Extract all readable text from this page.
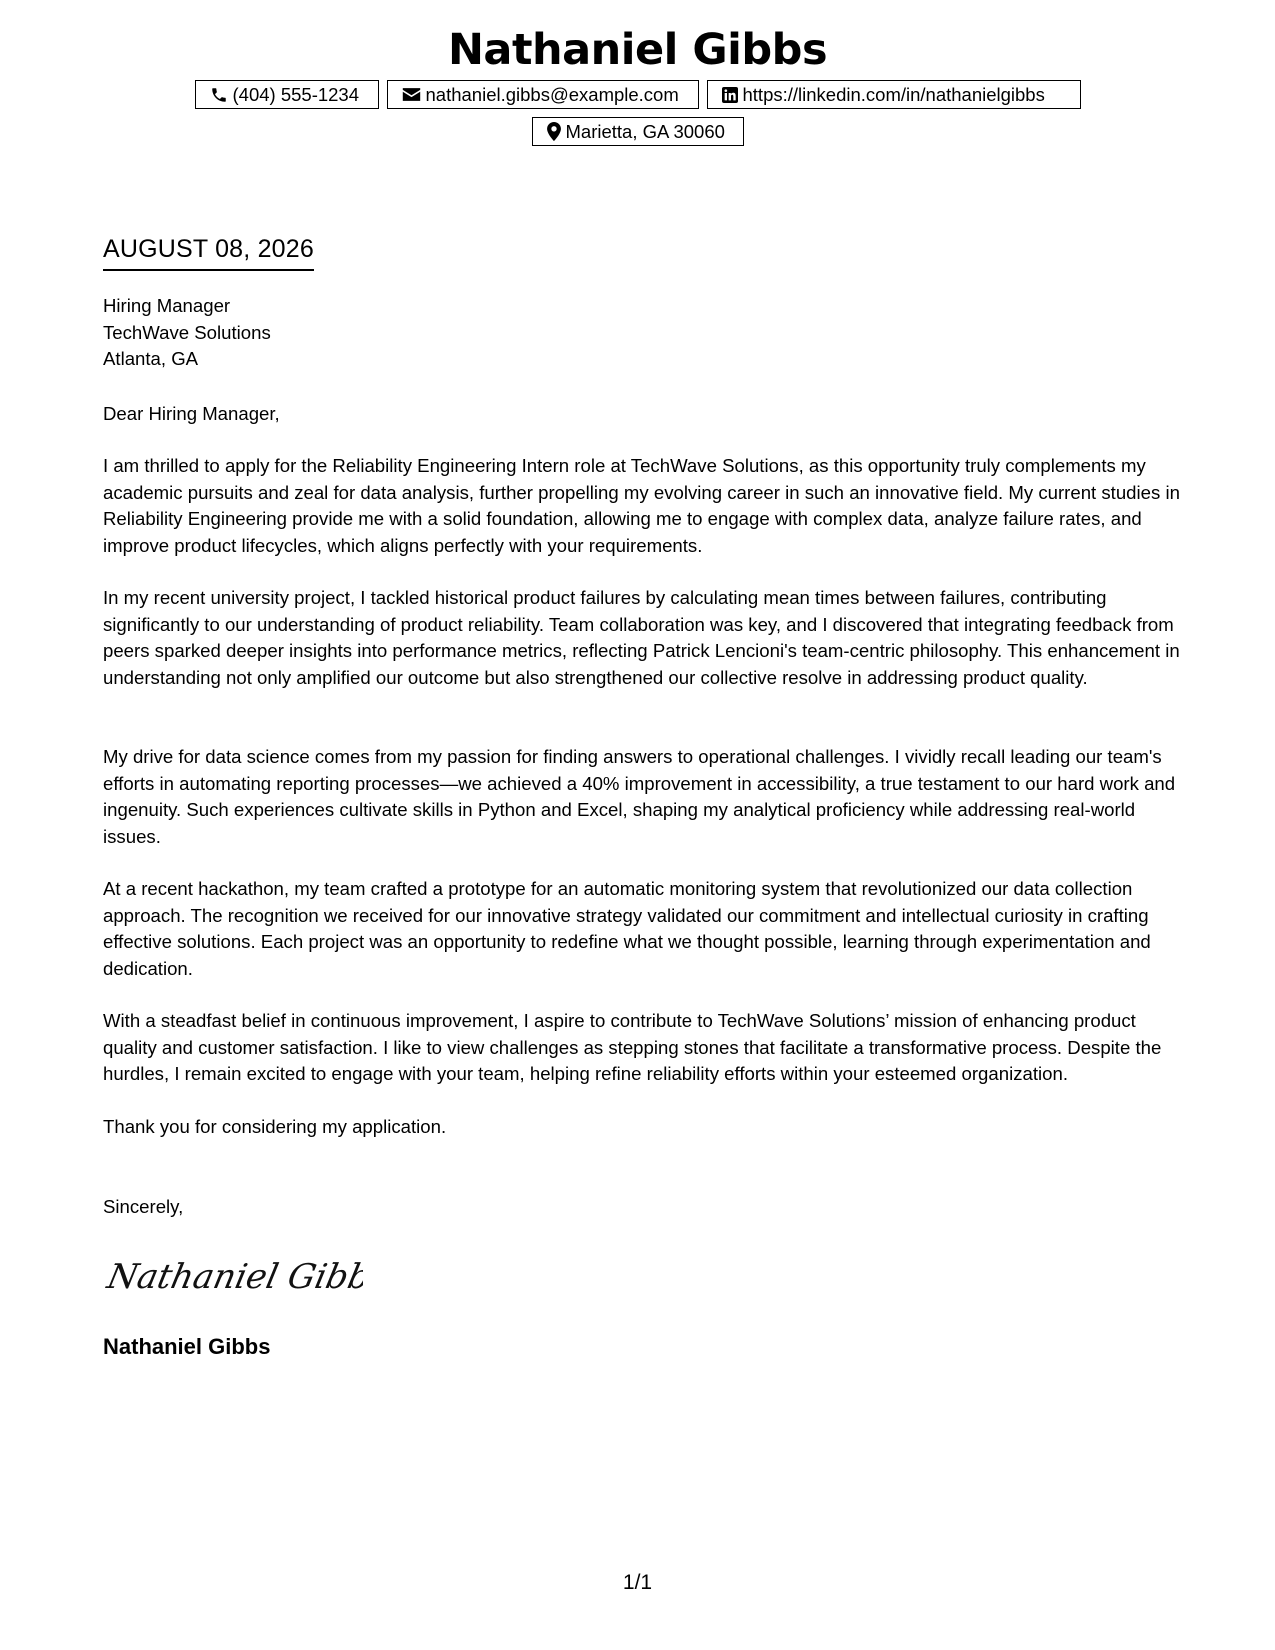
Nathaniel Gibbs
(404) 555-1234	nathaniel.gibbs@example.com	https://linkedin.com/in/nathanielgibbs
Marietta, GA 30060
AUGUST 08, 2026
Hiring Manager
TechWave Solutions
Atlanta, GA
Dear Hiring Manager,
I am thrilled to apply for the Reliability Engineering Intern role at TechWave Solutions, as this opportunity truly complements my academic pursuits and zeal for data analysis, further propelling my evolving career in such an innovative field. My current studies in Reliability Engineering provide me with a solid foundation, allowing me to engage with complex data, analyze failure rates, and improve product lifecycles, which aligns perfectly with your requirements.
In my recent university project, I tackled historical product failures by calculating mean times between failures, contributing significantly to our understanding of product reliability. Team collaboration was key, and I discovered that integrating feedback from peers sparked deeper insights into performance metrics, reflecting Patrick Lencioni's team-centric philosophy. This enhancement in understanding not only amplified our outcome but also strengthened our collective resolve in addressing product quality.
My drive for data science comes from my passion for finding answers to operational challenges. I vividly recall leading our team's efforts in automating reporting processes—we achieved a 40% improvement in accessibility, a true testament to our hard work and ingenuity. Such experiences cultivate skills in Python and Excel, shaping my analytical proficiency while addressing real-world issues.
At a recent hackathon, my team crafted a prototype for an automatic monitoring system that revolutionized our data collection approach. The recognition we received for our innovative strategy validated our commitment and intellectual curiosity in crafting effective solutions. Each project was an opportunity to redefine what we thought possible, learning through experimentation and dedication.
With a steadfast belief in continuous improvement, I aspire to contribute to TechWave Solutions’ mission of enhancing product quality and customer satisfaction. I like to view challenges as stepping stones that facilitate a transformative process. Despite the hurdles, I remain excited to engage with your team, helping refine reliability efforts within your esteemed organization.
Thank you for considering my application.
Sincerely,
Nathaniel Gibbs
Nathaniel Gibbs
1/1
